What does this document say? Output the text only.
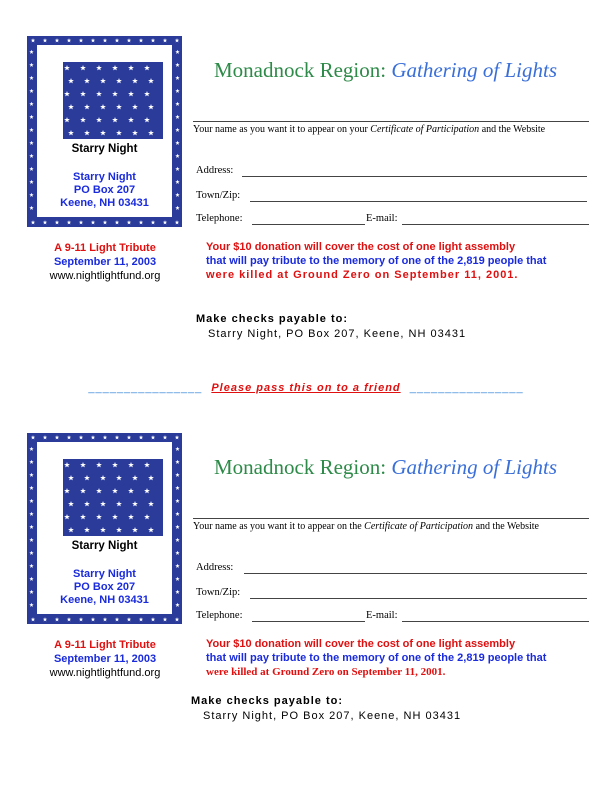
Starry Night
Starry Night
PO Box 207
Keene, NH 03431
A 9-11 Light Tribute
September 11, 2003
www.nightlightfund.org
Monadnock Region: Gathering of Lights
Your name as you want it to appear on your Certificate of Participation and the Website
Address:
Town/Zip:
Telephone:	E-mail:
Your $10 donation will cover the cost of one light assembly
that will pay tribute to the memory of one of the 2,819 people that
were killed at Ground Zero on September 11, 2001.
Make checks payable to:
Starry Night, PO Box 207, Keene, NH 03431
________________ Please pass this on to a friend ________________
Starry Night
Starry Night
PO Box 207
Keene, NH 03431
A 9-11 Light Tribute
September 11, 2003
www.nightlightfund.org
Monadnock Region: Gathering of Lights
Your name as you want it to appear on the Certificate of Participation and the Website
Address:
Town/Zip:
Telephone:	E-mail:
Your $10 donation will cover the cost of one light assembly
that will pay tribute to the memory of one of the 2,819 people that
were killed at Ground Zero on September 11, 2001.
Make checks payable to:
Starry Night, PO Box 207, Keene, NH 03431
